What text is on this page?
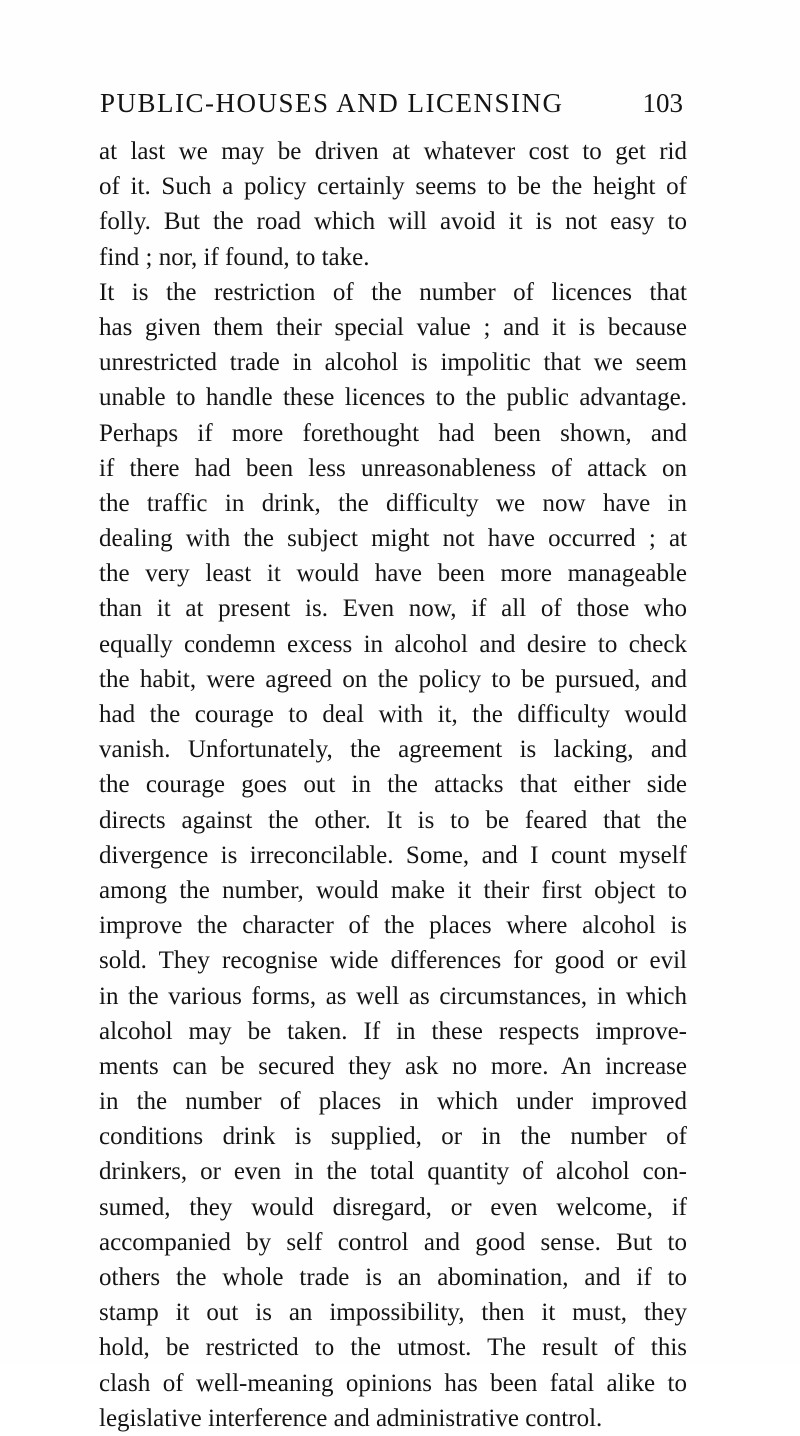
PUBLIC-HOUSES AND LICENSING	103
at last we may be driven at whatever cost to get rid
of it. Such a policy certainly seems to be the height of
folly. But the road which will avoid it is not easy to
find ; nor, if found, to take.
It is the restriction of the number of licences that
has given them their special value ; and it is because
unrestricted trade in alcohol is impolitic that we seem
unable to handle these licences to the public advantage.
Perhaps if more forethought had been shown, and
if there had been less unreasonableness of attack on
the traffic in drink, the difficulty we now have in
dealing with the subject might not have occurred ; at
the very least it would have been more manageable
than it at present is. Even now, if all of those who
equally condemn excess in alcohol and desire to check
the habit, were agreed on the policy to be pursued, and
had the courage to deal with it, the difficulty would
vanish. Unfortunately, the agreement is lacking, and
the courage goes out in the attacks that either side
directs against the other. It is to be feared that the
divergence is irreconcilable. Some, and I count myself
among the number, would make it their first object to
improve the character of the places where alcohol is
sold. They recognise wide differences for good or evil
in the various forms, as well as circumstances, in which
alcohol may be taken. If in these respects improve-
ments can be secured they ask no more. An increase
in the number of places in which under improved
conditions drink is supplied, or in the number of
drinkers, or even in the total quantity of alcohol con-
sumed, they would disregard, or even welcome, if
accompanied by self control and good sense. But to
others the whole trade is an abomination, and if to
stamp it out is an impossibility, then it must, they
hold, be restricted to the utmost. The result of this
clash of well-meaning opinions has been fatal alike to
legislative interference and administrative control.
